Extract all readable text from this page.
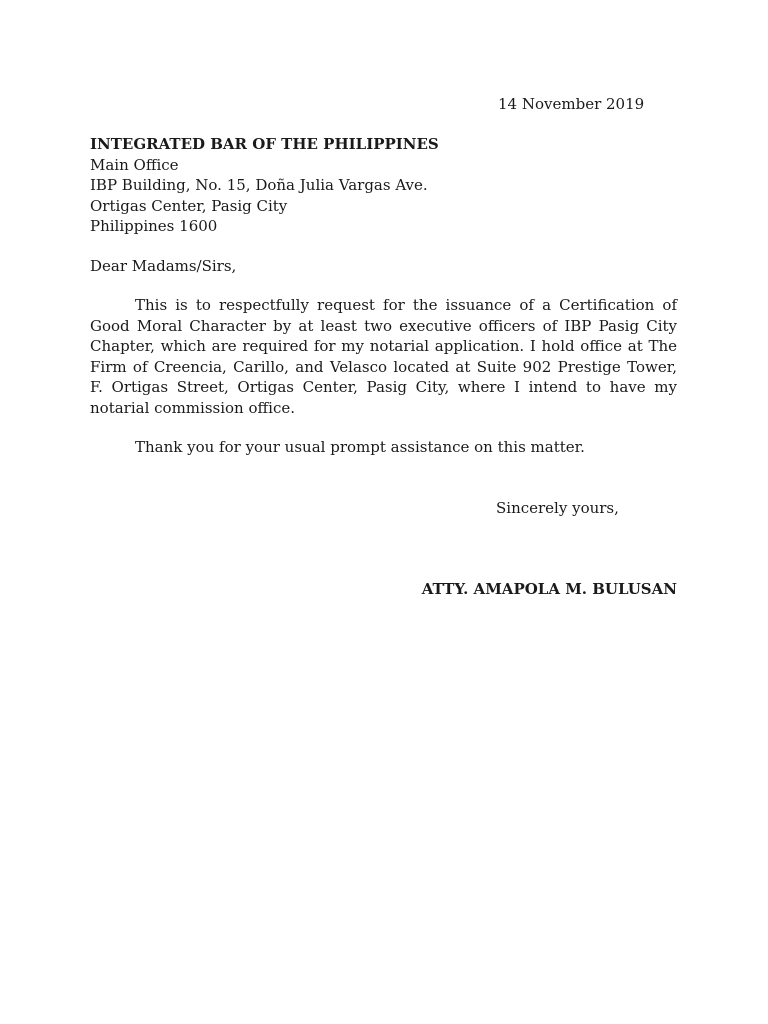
14 November 2019
INTEGRATED BAR OF THE PHILIPPINES
Main Office
IBP Building, No. 15, Doña Julia Vargas Ave.
Ortigas Center, Pasig City
Philippines 1600
Dear Madams/Sirs,

This is to respectfully request for the issuance of a Certification of Good Moral Character by at least two executive officers of IBP Pasig City Chapter, which are required for my notarial application. I hold office at The Firm of Creencia, Carillo, and Velasco located at Suite 902 Prestige Tower, F. Ortigas Street, Ortigas Center, Pasig City, where I intend to have my notarial commission office.

Thank you for your usual prompt assistance on this matter.

Sincerely yours,
ATTY. AMAPOLA M. BULUSAN
